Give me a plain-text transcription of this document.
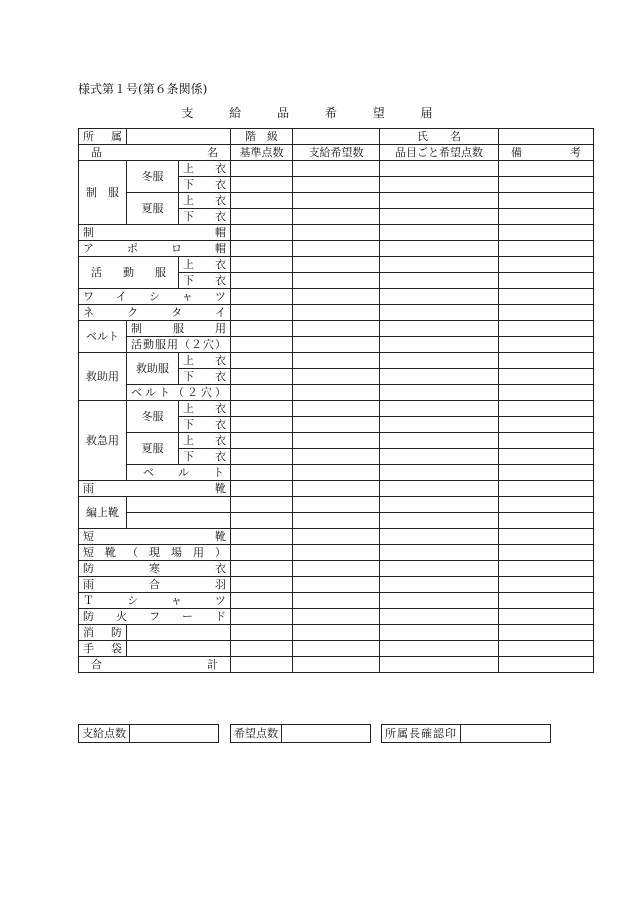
様式第１号(第６条関係)
支 給 品 希 望 届
所　属			階　級		氏　　名	
品　　　名			基準点数	支給希望数	品目ごと希望点数	備　考
制　服	冬服	上　衣				
		下　衣				
	夏服	上　衣				
		下　衣				
制　　帽						
アポロ帽						
活　動　服		上　衣				
		下　衣				
ワイシャツ						
ネクタイ						
ベルト	制　服　用					
	活動服用（２穴）					
救助用	救助服	上　衣				
		下　衣				
	ベルト（２穴）					
救急用	冬服	上　衣				
		下　衣				
	夏服	上　衣				
		下　衣				
	ベ　ル　ト					
雨　　靴						
編上靴						

短　　靴						
短靴（現場用）						
防　寒　衣						
雨　合　羽						
Ｔシャツ						
防火フード						
消　防						
手　袋						
合　　計						
支給点数	希望点数	所属長確認印
